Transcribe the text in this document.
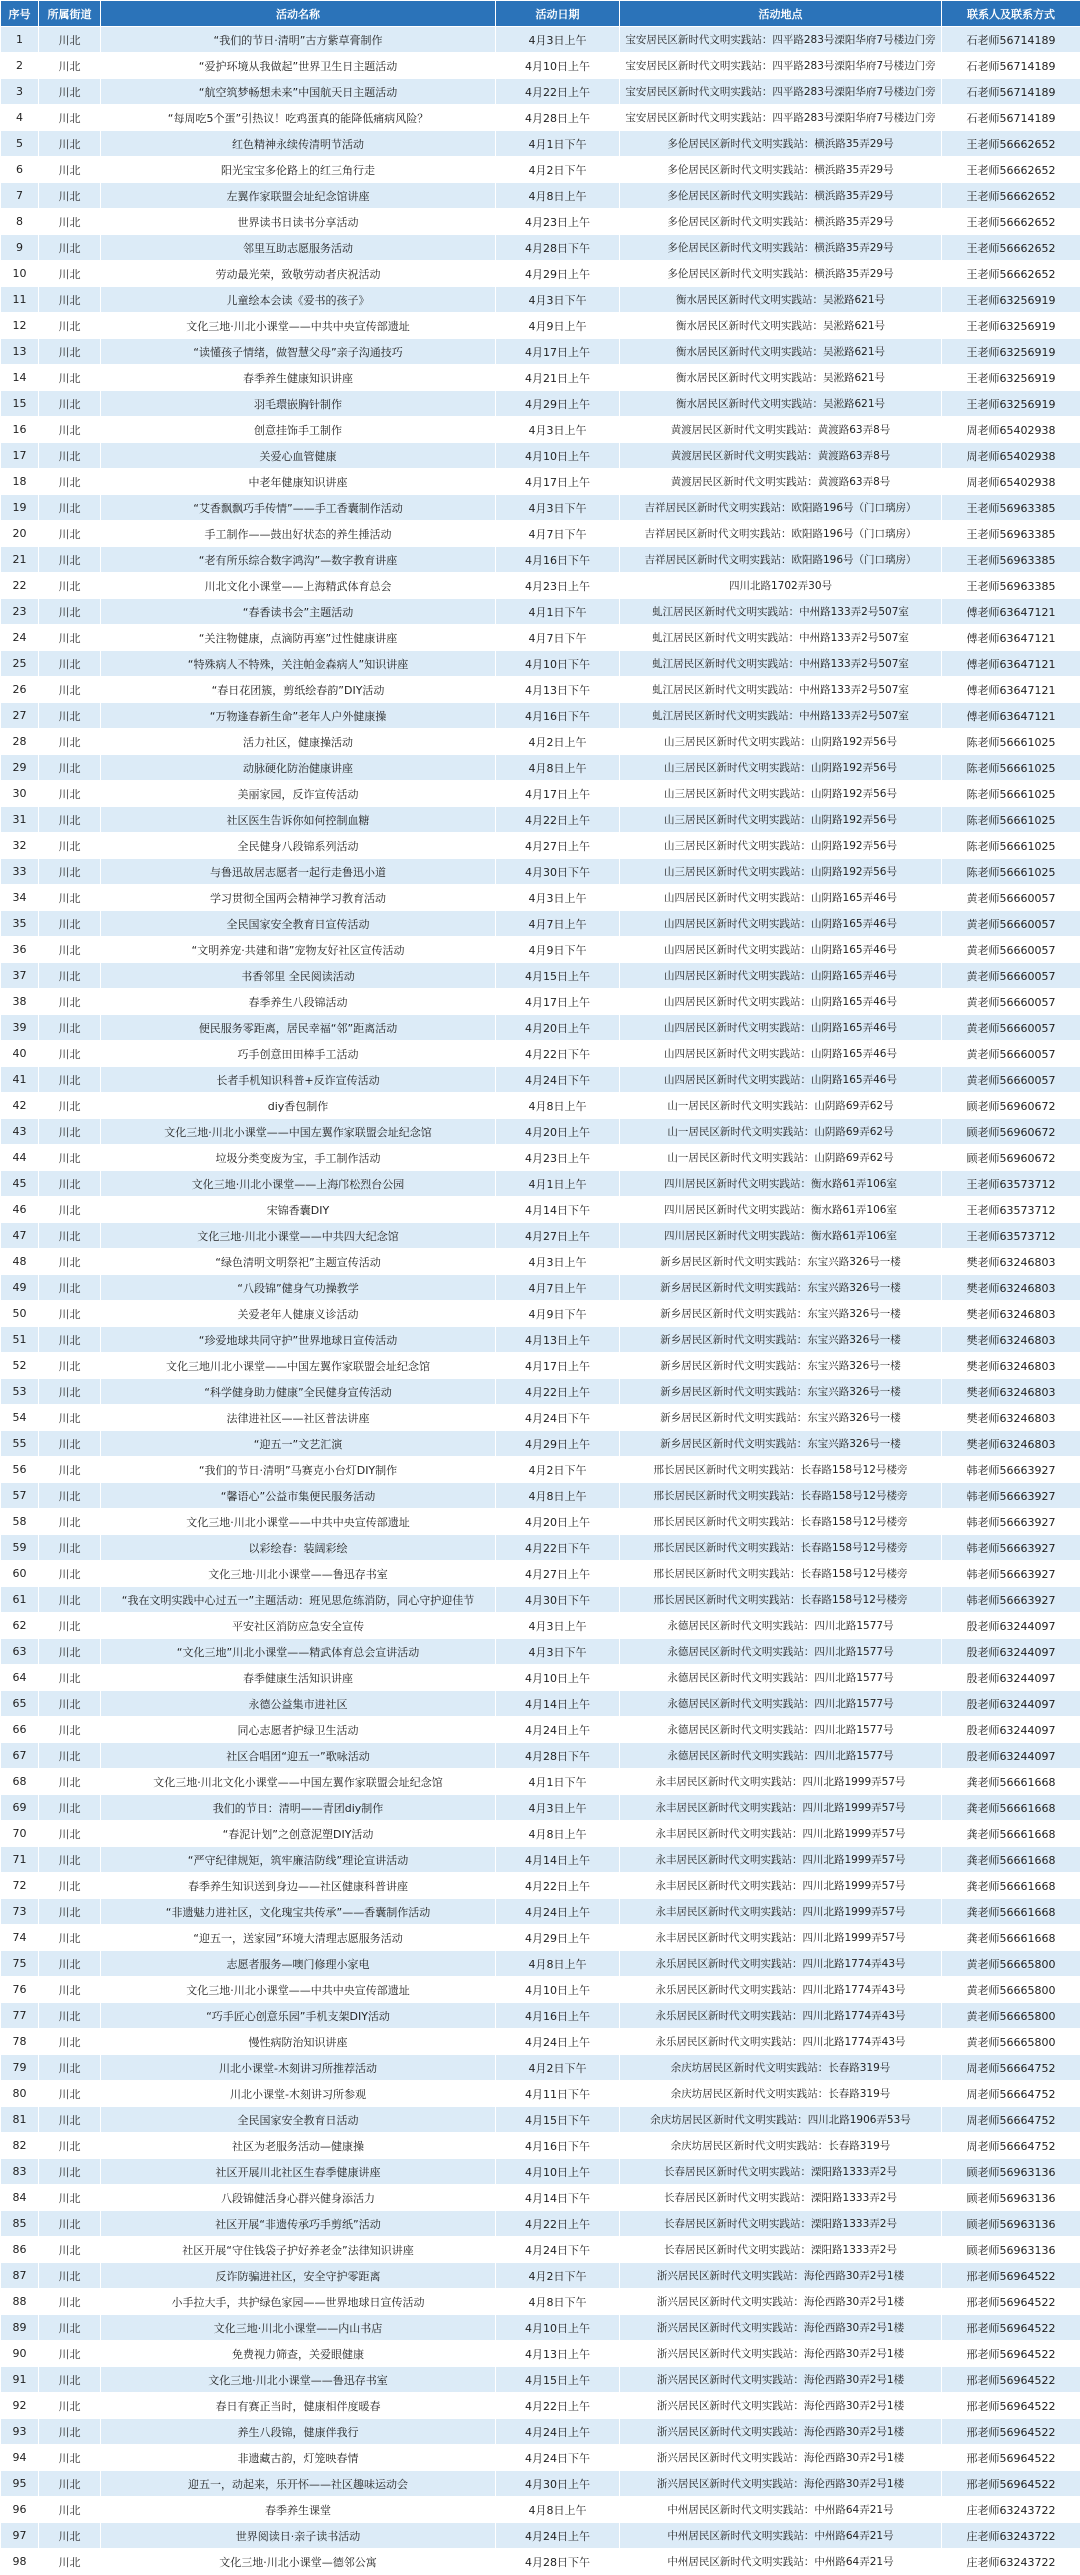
序号	所属街道	活动名称	活动日期	活动地点	联系人及联系方式
1	川北	“我们的节日·清明”古方紫草膏制作	4月3日上午	宝安居民区新时代文明实践站：四平路283号溧阳华府7号楼边门旁	石老师56714189
2	川北	“爱护环境从我做起”世界卫生日主题活动	4月10日上午	宝安居民区新时代文明实践站：四平路283号溧阳华府7号楼边门旁	石老师56714189
3	川北	“航空筑梦畅想未来”中国航天日主题活动	4月22日上午	宝安居民区新时代文明实践站：四平路283号溧阳华府7号楼边门旁	石老师56714189
4	川北	“每周吃5个蛋”引热议！吃鸡蛋真的能降低痛病风险？	4月28日上午	宝安居民区新时代文明实践站：四平路283号溧阳华府7号楼边门旁	石老师56714189
5	川北	红色精神永续传清明节活动	4月1日下午	多伦居民区新时代文明实践站：横浜路35弄29号	王老师56662652
6	川北	阳光宝宝多伦路上的红三角行走	4月2日下午	多伦居民区新时代文明实践站：横浜路35弄29号	王老师56662652
7	川北	左翼作家联盟会址纪念馆讲座	4月8日上午	多伦居民区新时代文明实践站：横浜路35弄29号	王老师56662652
8	川北	世界读书日读书分享活动	4月23日上午	多伦居民区新时代文明实践站：横浜路35弄29号	王老师56662652
9	川北	邻里互助志愿服务活动	4月28日下午	多伦居民区新时代文明实践站：横浜路35弄29号	王老师56662652
10	川北	劳动最光荣，致敬劳动者庆祝活动	4月29日上午	多伦居民区新时代文明实践站：横浜路35弄29号	王老师56662652
11	川北	儿童绘本会读《爱书的孩子》	4月3日下午	衡水居民区新时代文明实践站：吴淞路621号	王老师63256919
12	川北	文化三地·川北小课堂——中共中央宣传部遗址	4月9日上午	衡水居民区新时代文明实践站：吴淞路621号	王老师63256919
13	川北	“读懂孩子情绪，做智慧父母”亲子沟通技巧	4月17日上午	衡水居民区新时代文明实践站：吴淞路621号	王老师63256919
14	川北	春季养生健康知识讲座	4月21日上午	衡水居民区新时代文明实践站：吴淞路621号	王老师63256919
15	川北	羽毛環嵌胸针制作	4月29日上午	衡水居民区新时代文明实践站：吴淞路621号	王老师63256919
16	川北	创意挂饰手工制作	4月3日上午	黄渡居民区新时代文明实践站：黄渡路63弄8号	周老师65402938
17	川北	关爱心血管健康	4月10日上午	黄渡居民区新时代文明实践站：黄渡路63弄8号	周老师65402938
18	川北	中老年健康知识讲座	4月17日上午	黄渡居民区新时代文明实践站：黄渡路63弄8号	周老师65402938
19	川北	“艾香飘飘巧手传情”——手工香囊制作活动	4月3日下午	吉祥居民区新时代文明实践站：欧阳路196号（门口璃房）	王老师56963385
20	川北	手工制作——鼓出好状态的养生捶活动	4月7日下午	吉祥居民区新时代文明实践站：欧阳路196号（门口璃房）	王老师56963385
21	川北	“老有所乐综合数字鸿沟”—数字教育讲座	4月16日下午	吉祥居民区新时代文明实践站：欧阳路196号（门口璃房）	王老师56963385
22	川北	川北文化小课堂——上海精武体育总会	4月23日上午	四川北路1702弄30号	王老师56963385
23	川北	“春香读书会”主题活动	4月1日下午	虬江居民区新时代文明实践站：中州路133弄2号507室	傅老师63647121
24	川北	“关注物健康，点滴防再塞”过性健康讲座	4月7日下午	虬江居民区新时代文明实践站：中州路133弄2号507室	傅老师63647121
25	川北	“特殊病人不特殊，关注帕金森病人”知识讲座	4月10日下午	虬江居民区新时代文明实践站：中州路133弄2号507室	傅老师63647121
26	川北	“春日花团簇，剪纸绘春韵”DIY活动	4月13日下午	虬江居民区新时代文明实践站：中州路133弄2号507室	傅老师63647121
27	川北	“万物逢春新生命”老年人户外健康操	4月16日下午	虬江居民区新时代文明实践站：中州路133弄2号507室	傅老师63647121
28	川北	活力社区，健康操活动	4月2日上午	山三居民区新时代文明实践站：山阴路192弄56号	陈老师56661025
29	川北	动脉硬化防治健康讲座	4月8日上午	山三居民区新时代文明实践站：山阴路192弄56号	陈老师56661025
30	川北	美丽家园，反诈宣传活动	4月17日上午	山三居民区新时代文明实践站：山阴路192弄56号	陈老师56661025
31	川北	社区医生告诉你如何控制血糖	4月22日上午	山三居民区新时代文明实践站：山阴路192弄56号	陈老师56661025
32	川北	全民健身八段锦系列活动	4月27日上午	山三居民区新时代文明实践站：山阴路192弄56号	陈老师56661025
33	川北	与鲁迅故居志愿者一起行走鲁迅小道	4月30日下午	山三居民区新时代文明实践站：山阴路192弄56号	陈老师56661025
34	川北	学习贯彻全国两会精神学习教育活动	4月3日上午	山四居民区新时代文明实践站：山阴路165弄46号	黄老师56660057
35	川北	全民国家安全教育日宣传活动	4月7日上午	山四居民区新时代文明实践站：山阴路165弄46号	黄老师56660057
36	川北	“文明养宠·共建和谐”宠物友好社区宣传活动	4月9日下午	山四居民区新时代文明实践站：山阴路165弄46号	黄老师56660057
37	川北	书香邻里 全民阅读活动	4月15日上午	山四居民区新时代文明实践站：山阴路165弄46号	黄老师56660057
38	川北	春季养生八段锦活动	4月17日上午	山四居民区新时代文明实践站：山阴路165弄46号	黄老师56660057
39	川北	便民服务零距离，居民幸福“邻”距离活动	4月20日上午	山四居民区新时代文明实践站：山阴路165弄46号	黄老师56660057
40	川北	巧手创意田田棒手工活动	4月22日下午	山四居民区新时代文明实践站：山阴路165弄46号	黄老师56660057
41	川北	长者手机知识科普+反诈宣传活动	4月24日下午	山四居民区新时代文明实践站：山阴路165弄46号	黄老师56660057
42	川北	diy香包制作	4月8日上午	山一居民区新时代文明实践站：山阴路69弄62号	顾老师56960672
43	川北	文化三地·川北小课堂——中国左翼作家联盟会址纪念馆	4月20日上午	山一居民区新时代文明实践站：山阴路69弄62号	顾老师56960672
44	川北	垃圾分类变废为宝，手工制作活动	4月23日上午	山一居民区新时代文明实践站：山阴路69弄62号	顾老师56960672
45	川北	文化三地·川北小课堂——上海邝松烈台公园	4月1日上午	四川居民区新时代文明实践站：衡水路61弄106室	王老师63573712
46	川北	宋锦香囊DIY	4月14日下午	四川居民区新时代文明实践站：衡水路61弄106室	王老师63573712
47	川北	文化三地·川北小课堂——中共四大纪念馆	4月27日上午	四川居民区新时代文明实践站：衡水路61弄106室	王老师63573712
48	川北	“绿色清明文明祭祀”主题宣传活动	4月3日上午	新乡居民区新时代文明实践站：东宝兴路326号一楼	樊老师63246803
49	川北	“八段锦”健身气功操教学	4月7日上午	新乡居民区新时代文明实践站：东宝兴路326号一楼	樊老师63246803
50	川北	关爱老年人健康义诊活动	4月9日下午	新乡居民区新时代文明实践站：东宝兴路326号一楼	樊老师63246803
51	川北	“珍爱地球共同守护”世界地球日宣传活动	4月13日上午	新乡居民区新时代文明实践站：东宝兴路326号一楼	樊老师63246803
52	川北	文化三地川北小课堂——中国左翼作家联盟会址纪念馆	4月17日上午	新乡居民区新时代文明实践站：东宝兴路326号一楼	樊老师63246803
53	川北	“科学健身助力健康”全民健身宣传活动	4月22日上午	新乡居民区新时代文明实践站：东宝兴路326号一楼	樊老师63246803
54	川北	法律进社区——社区普法讲座	4月24日下午	新乡居民区新时代文明实践站：东宝兴路326号一楼	樊老师63246803
55	川北	“迎五一”文艺汇演	4月29日上午	新乡居民区新时代文明实践站：东宝兴路326号一楼	樊老师63246803
56	川北	“我们的节日·清明”马赛克小台灯DIY制作	4月2日下午	邢长居民区新时代文明实践站：长春路158号12号楼旁	韩老师56663927
57	川北	“馨语心”公益市集便民服务活动	4月8日上午	邢长居民区新时代文明实践站：长春路158号12号楼旁	韩老师56663927
58	川北	文化三地·川北小课堂——中共中央宣传部遗址	4月20日上午	邢长居民区新时代文明实践站：长春路158号12号楼旁	韩老师56663927
59	川北	以彩绘春：装阔彩绘	4月22日下午	邢长居民区新时代文明实践站：长春路158号12号楼旁	韩老师56663927
60	川北	文化三地·川北小课堂——鲁迅存书室	4月27日上午	邢长居民区新时代文明实践站：长春路158号12号楼旁	韩老师56663927
61	川北	“我在文明实践中心过五一”主题活动：班见思危练消防，同心守护迎佳节	4月30日下午	邢长居民区新时代文明实践站：长春路158号12号楼旁	韩老师56663927
62	川北	平安社区消防应急安全宣传	4月3日上午	永德居民区新时代文明实践站：四川北路1577号	殷老师63244097
63	川北	“文化三地”川北小课堂——精武体育总会宣讲活动	4月3日下午	永德居民区新时代文明实践站：四川北路1577号	殷老师63244097
64	川北	春季健康生活知识讲座	4月10日上午	永德居民区新时代文明实践站：四川北路1577号	殷老师63244097
65	川北	永德公益集市进社区	4月14日上午	永德居民区新时代文明实践站：四川北路1577号	殷老师63244097
66	川北	同心志愿者护绿卫生活动	4月24日上午	永德居民区新时代文明实践站：四川北路1577号	殷老师63244097
67	川北	社区合唱团“迎五一”歌咏活动	4月28日下午	永德居民区新时代文明实践站：四川北路1577号	殷老师63244097
68	川北	文化三地·川北文化小课堂——中国左翼作家联盟会址纪念馆	4月1日下午	永丰居民区新时代文明实践站：四川北路1999弄57号	龚老师56661668
69	川北	我们的节日：清明——青团diy制作	4月3日上午	永丰居民区新时代文明实践站：四川北路1999弄57号	龚老师56661668
70	川北	“春泥计划”之创意泥塑DIY活动	4月8日上午	永丰居民区新时代文明实践站：四川北路1999弄57号	龚老师56661668
71	川北	“严守纪律规矩，筑牢廉洁防线”理论宣讲活动	4月14日上午	永丰居民区新时代文明实践站：四川北路1999弄57号	龚老师56661668
72	川北	春季养生知识送到身边——社区健康科普讲座	4月22日上午	永丰居民区新时代文明实践站：四川北路1999弄57号	龚老师56661668
73	川北	“非遗魅力进社区，文化瑰宝共传承”——香囊制作活动	4月24日上午	永丰居民区新时代文明实践站：四川北路1999弄57号	龚老师56661668
74	川北	“迎五一，送家园”环境大清理志愿服务活动	4月29日上午	永丰居民区新时代文明实践站：四川北路1999弄57号	龚老师56661668
75	川北	志愿者服务—噢门修理小家电	4月8日上午	永乐居民区新时代文明实践站：四川北路1774弄43号	黄老师56665800
76	川北	文化三地·川北小课堂——中共中央宣传部遗址	4月10日上午	永乐居民区新时代文明实践站：四川北路1774弄43号	黄老师56665800
77	川北	“巧手匠心创意乐园”手机支架DIY活动	4月16日上午	永乐居民区新时代文明实践站：四川北路1774弄43号	黄老师56665800
78	川北	慢性病防治知识讲座	4月24日上午	永乐居民区新时代文明实践站：四川北路1774弄43号	黄老师56665800
79	川北	川北小课堂-木刻讲习所推荐活动	4月2日下午	余庆坊居民区新时代文明实践站：长春路319号	周老师56664752
80	川北	川北小课堂-木刻讲习所参观	4月11日下午	余庆坊居民区新时代文明实践站：长春路319号	周老师56664752
81	川北	全民国家安全教育日活动	4月15日下午	余庆坊居民区新时代文明实践站：四川北路1906弄53号	周老师56664752
82	川北	社区为老服务活动—健康操	4月16日下午	余庆坊居民区新时代文明实践站：长春路319号	周老师56664752
83	川北	社区开展川北社区生春季健康讲座	4月10日上午	长春居民区新时代文明实践站：溧阳路1333弄2号	顾老师56963136
84	川北	八段锦健活身心群兴健身添活力	4月14日下午	长春居民区新时代文明实践站：溧阳路1333弄2号	顾老师56963136
85	川北	社区开展“非遗传承巧手剪纸”活动	4月22日上午	长春居民区新时代文明实践站：溧阳路1333弄2号	顾老师56963136
86	川北	社区开展“守住钱袋子护好养老金”法律知识讲座	4月24日下午	长春居民区新时代文明实践站：溧阳路1333弄2号	顾老师56963136
87	川北	反诈防骗进社区，安全守护零距离	4月2日下午	浙兴居民区新时代文明实践站：海伦西路30弄2号1楼	邢老师56964522
88	川北	小手拉大手，共护绿色家园——世界地球日宣传活动	4月8日下午	浙兴居民区新时代文明实践站：海伦西路30弄2号1楼	邢老师56964522
89	川北	文化三地·川北小课堂——内山书店	4月10日上午	浙兴居民区新时代文明实践站：海伦西路30弄2号1楼	邢老师56964522
90	川北	免费视力筛查，关爱眼健康	4月13日上午	浙兴居民区新时代文明实践站：海伦西路30弄2号1楼	邢老师56964522
91	川北	文化三地·川北小课堂——鲁迅存书室	4月15日上午	浙兴居民区新时代文明实践站：海伦西路30弄2号1楼	邢老师56964522
92	川北	春日有赛正当时，健康相伴度暖春	4月22日上午	浙兴居民区新时代文明实践站：海伦西路30弄2号1楼	邢老师56964522
93	川北	养生八段锦，健康伴我行	4月24日上午	浙兴居民区新时代文明实践站：海伦西路30弄2号1楼	邢老师56964522
94	川北	非遗藏古韵，灯笼映春情	4月24日下午	浙兴居民区新时代文明实践站：海伦西路30弄2号1楼	邢老师56964522
95	川北	迎五一，动起来，乐开怀——社区趣味运动会	4月30日上午	浙兴居民区新时代文明实践站：海伦西路30弄2号1楼	邢老师56964522
96	川北	春季养生课堂	4月8日上午	中州居民区新时代文明实践站：中州路64弄21号	庄老师63243722
97	川北	世界阅读日·亲子读书活动	4月24日上午	中州居民区新时代文明实践站：中州路64弄21号	庄老师63243722
98	川北	文化三地·川北小课堂—德邻公寓	4月28日下午	中州居民区新时代文明实践站：中州路64弄21号	庄老师63243722
